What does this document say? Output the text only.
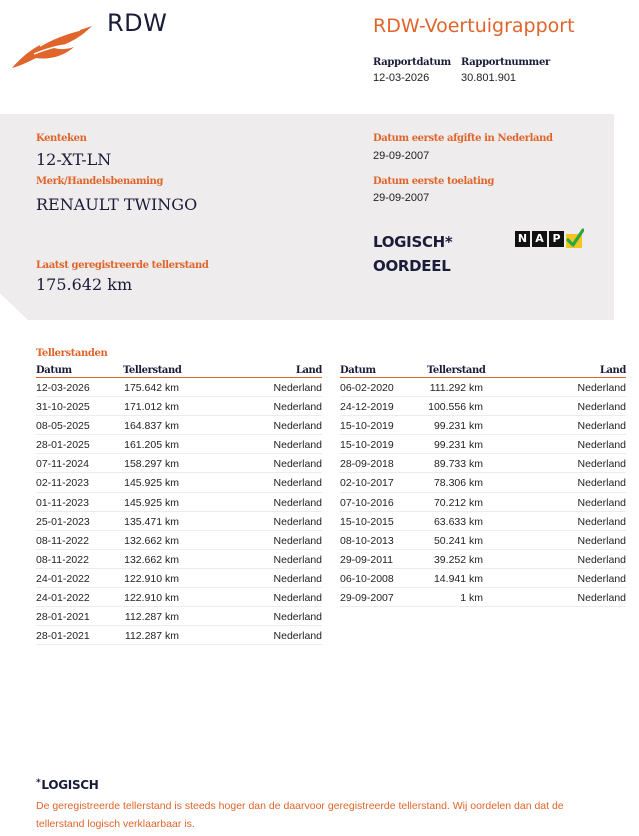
RDW	RDW-Voertuigrapport
Rapportdatum
12-03-2026
Rapportnummer
30.801.901
Kenteken
12-XT-LN
Merk/Handelsbenaming
RENAULT TWINGO
Laatst geregistreerde tellerstand
175.642 km
Datum eerste afgifte in Nederland
29-09-2007
Datum eerste toelating
29-09-2007
LOGISCH*
OORDEEL
N A P
Tellerstanden
Datum	Tellerstand	Land
12-03-2026	175.642 km	Nederland
31-10-2025	171.012 km	Nederland
08-05-2025	164.837 km	Nederland
28-01-2025	161.205 km	Nederland
07-11-2024	158.297 km	Nederland
02-11-2023	145.925 km	Nederland
01-11-2023	145.925 km	Nederland
25-01-2023	135.471 km	Nederland
08-11-2022	132.662 km	Nederland
08-11-2022	132.662 km	Nederland
24-01-2022	122.910 km	Nederland
24-01-2022	122.910 km	Nederland
28-01-2021	112.287 km	Nederland
28-01-2021	112.287 km	Nederland
Datum	Tellerstand	Land
06-02-2020	111.292 km	Nederland
24-12-2019	100.556 km	Nederland
15-10-2019	99.231 km	Nederland
15-10-2019	99.231 km	Nederland
28-09-2018	89.733 km	Nederland
02-10-2017	78.306 km	Nederland
07-10-2016	70.212 km	Nederland
15-10-2015	63.633 km	Nederland
08-10-2013	50.241 km	Nederland
29-09-2011	39.252 km	Nederland
06-10-2008	14.941 km	Nederland
29-09-2007	1 km	Nederland
*LOGISCH
De geregistreerde tellerstand is steeds hoger dan de daarvoor geregistreerde tellerstand. Wij oordelen dan dat de tellerstand logisch verklaarbaar is.
